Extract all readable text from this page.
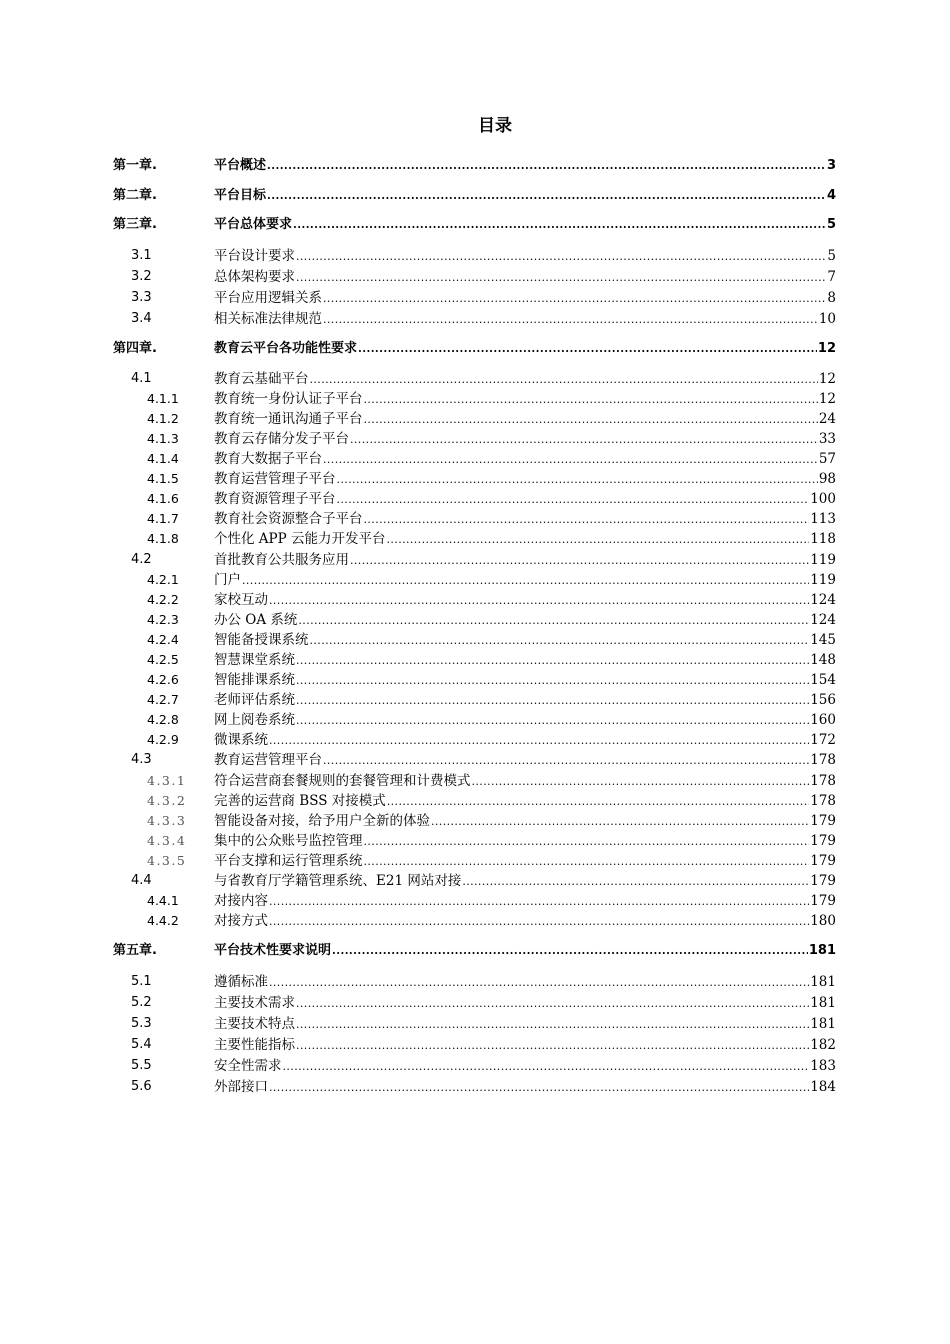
目录
第一章.	平台概述 .....	3
第二章.	平台目标 .....	4
第三章.	平台总体要求 .....	5
3.1	平台设计要求 .....	5
3.2	总体架构要求 .....	7
3.3	平台应用逻辑关系 .....	8
3.4	相关标准法律规范 .....	10
第四章.	教育云平台各功能性要求 .....	12
4.1	教育云基础平台 .....	12
4.1.1	教育统一身份认证子平台 .....	12
4.1.2	教育统一通讯沟通子平台 .....	24
4.1.3	教育云存储分发子平台 .....	33
4.1.4	教育大数据子平台 .....	57
4.1.5	教育运营管理子平台 .....	98
4.1.6	教育资源管理子平台 .....	100
4.1.7	教育社会资源整合子平台 .....	113
4.1.8	个性化 APP 云能力开发平台 .....	118
4.2	首批教育公共服务应用 .....	119
4.2.1	门户 .....	119
4.2.2	家校互动 .....	124
4.2.3	办公 OA 系统 .....	124
4.2.4	智能备授课系统 .....	145
4.2.5	智慧课堂系统 .....	148
4.2.6	智能排课系统 .....	154
4.2.7	老师评估系统 .....	156
4.2.8	网上阅卷系统 .....	160
4.2.9	微课系统 .....	172
4.3	教育运营管理平台 .....	178
4.3.1 符合运营商套餐规则的套餐管理和计费模式 .....	178
4.3.2 完善的运营商 BSS 对接模式 .....	178
4.3.3 智能设备对接，给予用户全新的体验 .....	179
4.3.4 集中的公众账号监控管理 .....	179
4.3.5 平台支撑和运行管理系统 .....	179
4.4	与省教育厅学籍管理系统、E21 网站对接 .....	179
4.4.1	对接内容 .....	179
4.4.2	对接方式 .....	180
第五章.	平台技术性要求说明 .....	181
5.1	遵循标准 .....	181
5.2	主要技术需求 .....	181
5.3	主要技术特点 .....	181
5.4	主要性能指标 .....	182
5.5	安全性需求 .....	183
5.6	外部接口 .....	184
